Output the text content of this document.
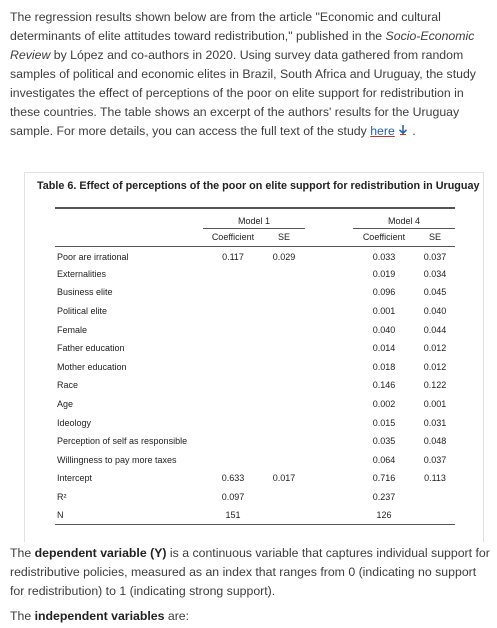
The regression results shown below are from the article "Economic and cultural determinants of elite attitudes toward redistribution," published in the Socio-Economic Review by López and co-authors in 2020. Using survey data gathered from random samples of political and economic elites in Brazil, South Africa and Uruguay, the study investigates the effect of perceptions of the poor on elite support for redistribution in these countries. The table shows an excerpt of the authors' results for the Uruguay sample. For more details, you can access the full text of the study here .
Table 6. Effect of perceptions of the poor on elite support for redistribution in Uruguay
	Model 1			Model 4	
	Coefficient	SE		Coefficient	SE
Poor are irrational	0.117	0.029		0.033	0.037
Externalities				0.019	0.034
Business elite				0.096	0.045
Political elite				0.001	0.040
Female				0.040	0.044
Father education				0.014	0.012
Mother education				0.018	0.012
Race				0.146	0.122
Age				0.002	0.001
Ideology				0.015	0.031
Perception of self as responsible				0.035	0.048
Willingness to pay more taxes				0.064	0.037
Intercept	0.633	0.017		0.716	0.113
R²	0.097			0.237	
N	151			126	

The dependent variable (Y) is a continuous variable that captures individual support for redistributive policies, measured as an index that ranges from 0 (indicating no support for redistribution) to 1 (indicating strong support).

The independent variables are:
